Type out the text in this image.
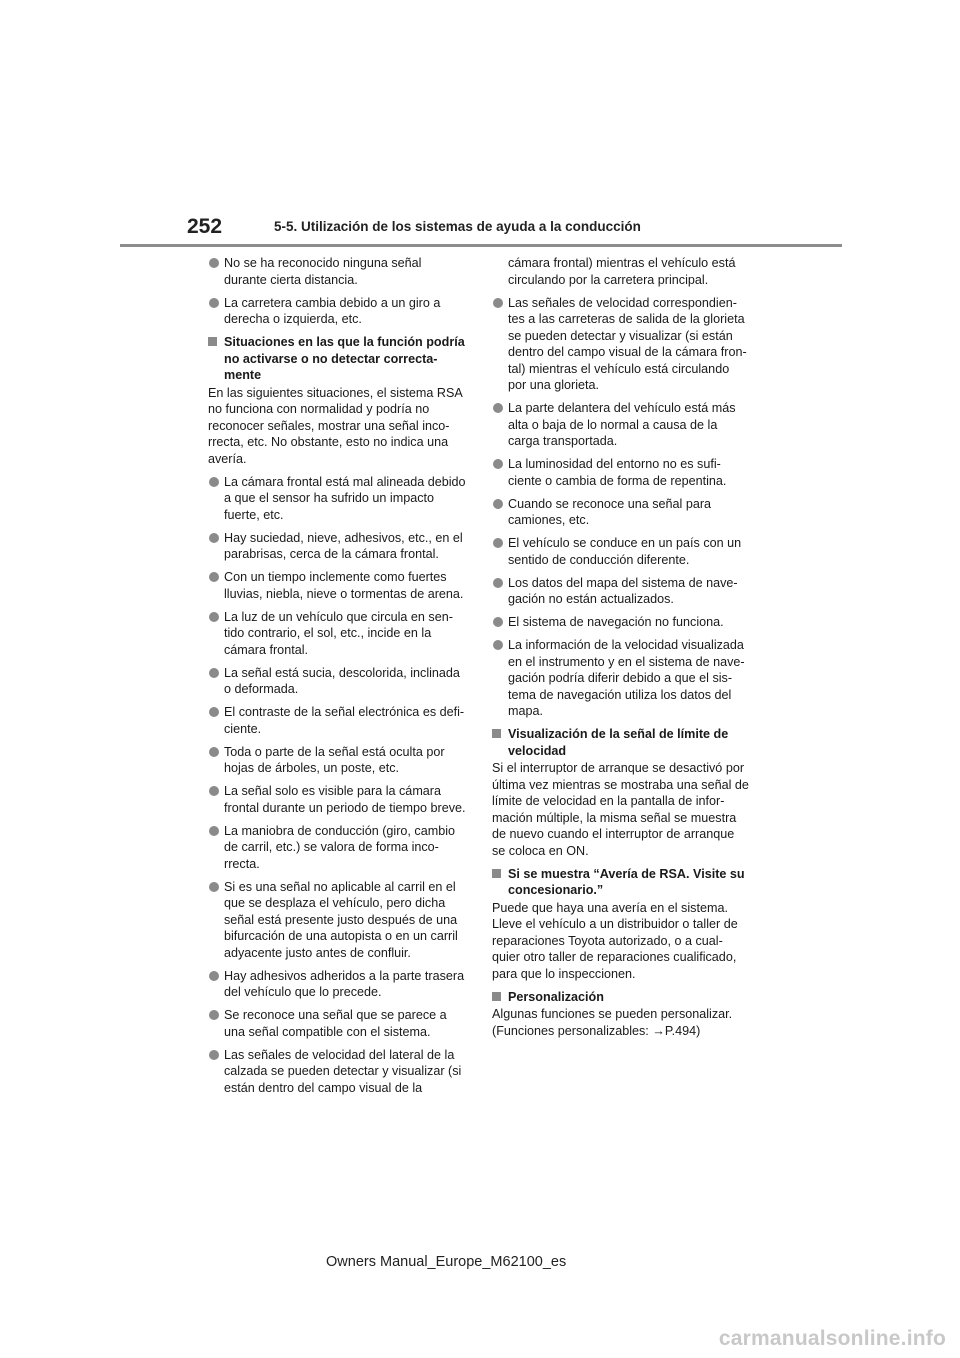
252	5-5. Utilización de los sistemas de ayuda a la conducción
No se ha reconocido ninguna señal durante cierta distancia.
La carretera cambia debido a un giro a derecha o izquierda, etc.
Situaciones en las que la función podría no activarse o no detectar correcta-mente
En las siguientes situaciones, el sistema RSA no funciona con normalidad y podría no reconocer señales, mostrar una señal inco-rrecta, etc. No obstante, esto no indica una avería.
La cámara frontal está mal alineada debido a que el sensor ha sufrido un impacto fuerte, etc.
Hay suciedad, nieve, adhesivos, etc., en el parabrisas, cerca de la cámara frontal.
Con un tiempo inclemente como fuertes lluvias, niebla, nieve o tormentas de arena.
La luz de un vehículo que circula en sen-tido contrario, el sol, etc., incide en la cámara frontal.
La señal está sucia, descolorida, inclinada o deformada.
El contraste de la señal electrónica es defi-ciente.
Toda o parte de la señal está oculta por hojas de árboles, un poste, etc.
La señal solo es visible para la cámara frontal durante un periodo de tiempo breve.
La maniobra de conducción (giro, cambio de carril, etc.) se valora de forma inco-rrecta.
Si es una señal no aplicable al carril en el que se desplaza el vehículo, pero dicha señal está presente justo después de una bifurcación de una autopista o en un carril adyacente justo antes de confluir.
Hay adhesivos adheridos a la parte trasera del vehículo que lo precede.
Se reconoce una señal que se parece a una señal compatible con el sistema.
Las señales de velocidad del lateral de la calzada se pueden detectar y visualizar (si están dentro del campo visual de la
cámara frontal) mientras el vehículo está circulando por la carretera principal.
Las señales de velocidad correspondien-tes a las carreteras de salida de la glorieta se pueden detectar y visualizar (si están dentro del campo visual de la cámara fron-tal) mientras el vehículo está circulando por una glorieta.
La parte delantera del vehículo está más alta o baja de lo normal a causa de la carga transportada.
La luminosidad del entorno no es sufi-ciente o cambia de forma de repentina.
Cuando se reconoce una señal para camiones, etc.
El vehículo se conduce en un país con un sentido de conducción diferente.
Los datos del mapa del sistema de nave-gación no están actualizados.
El sistema de navegación no funciona.
La información de la velocidad visualizada en el instrumento y en el sistema de nave-gación podría diferir debido a que el sis-tema de navegación utiliza los datos del mapa.
Visualización de la señal de límite de velocidad
Si el interruptor de arranque se desactivó por última vez mientras se mostraba una señal de límite de velocidad en la pantalla de infor-mación múltiple, la misma señal se muestra de nuevo cuando el interruptor de arranque se coloca en ON.
Si se muestra “Avería de RSA. Visite su concesionario.”
Puede que haya una avería en el sistema. Lleve el vehículo a un distribuidor o taller de reparaciones Toyota autorizado, o a cual-quier otro taller de reparaciones cualificado, para que lo inspeccionen.
Personalización
Algunas funciones se pueden personalizar. (Funciones personalizables: →P.494)
Owners Manual_Europe_M62100_es
carmanualsonline.info
